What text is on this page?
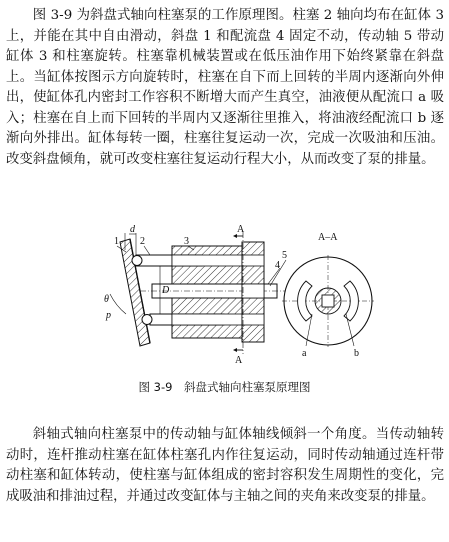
图 3-9 为斜盘式轴向柱塞泵的工作原理图。柱塞 2 轴向均布在缸体 3 上，并能在其中自由滑动，斜盘 1 和配流盘 4 固定不动，传动轴 5 带动缸体 3 和柱塞旋转。柱塞靠机械装置或在低压油作用下始终紧靠在斜盘上。当缸体按图示方向旋转时，柱塞在自下而上回转的半周内逐渐向外伸出，使缸体孔内密封工作容积不断增大而产生真空，油液便从配流口 a 吸入；柱塞在自上而下回转的半周内又逐渐往里推入，将油液经配流口 b 逐渐向外排出。缸体每转一圈，柱塞往复运动一次，完成一次吸油和压油。改变斜盘倾角，就可改变柱塞往复运动行程大小，从而改变了泵的排量。

1 2	3
5
4
A
A
A–A
d
D
θ
p
a	b
图 3-9　斜盘式轴向柱塞泵原理图

斜轴式轴向柱塞泵中的传动轴与缸体轴线倾斜一个角度。当传动轴转动时，连杆推动柱塞在缸体柱塞孔内作往复运动，同时传动轴通过连杆带动柱塞和缸体转动，使柱塞与缸体组成的密封容积发生周期性的变化，完成吸油和排油过程，并通过改变缸体与主轴之间的夹角来改变泵的排量。
